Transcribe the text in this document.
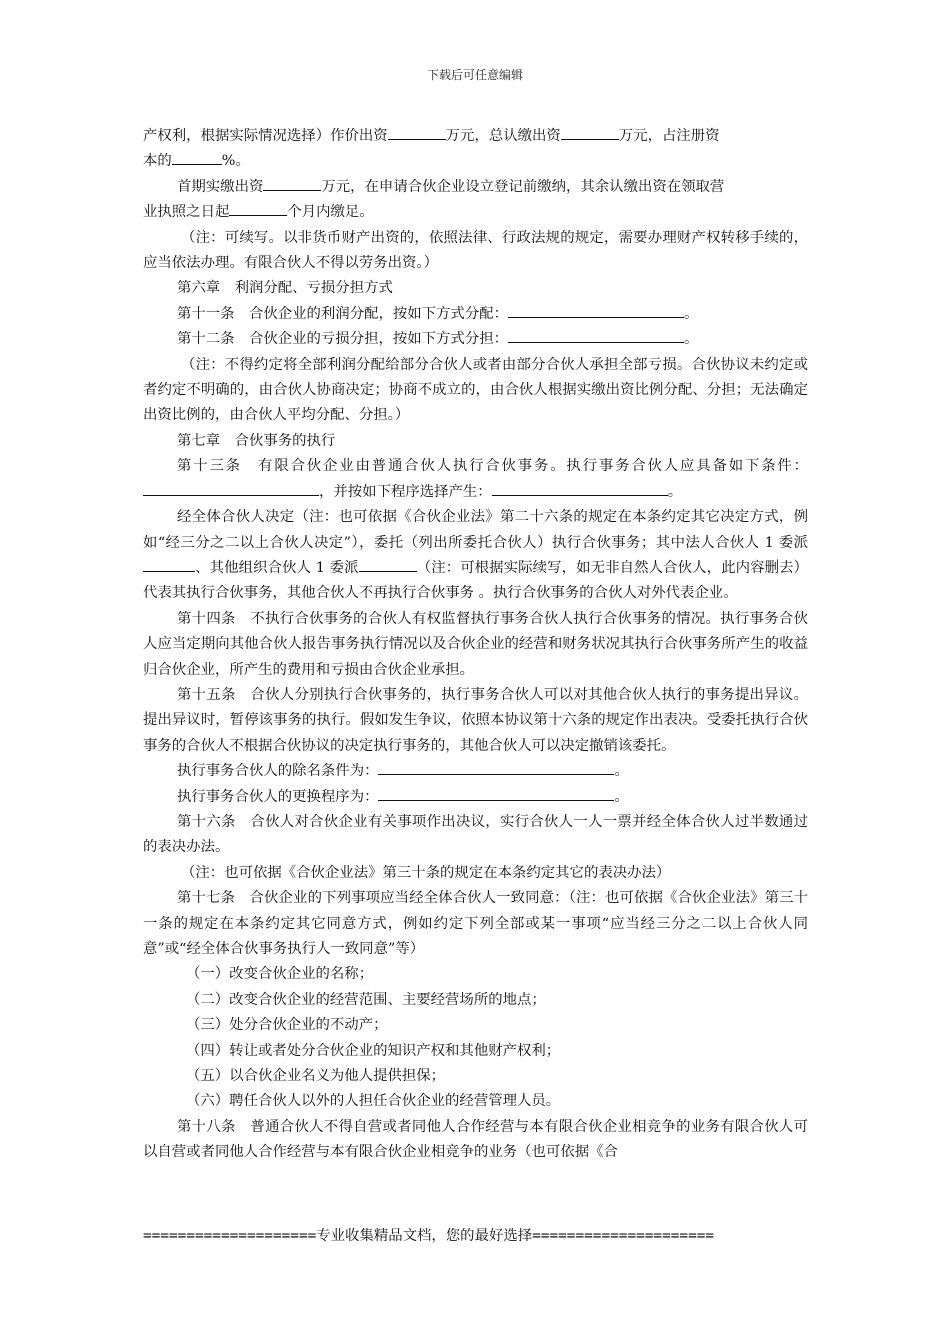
下载后可任意编辑

产权利，根据实际情况选择）作价出资	万元，总认缴出资	万元，占注册资
本的	%。

首期实缴出资	万元，在申请合伙企业设立登记前缴纳，其余认缴出资在领取营
业执照之日起	个月内缴足。

（注：可续写。以非货币财产出资的，依照法律、行政法规的规定，需要办理财产权转移手续的，应当依法办理。有限合伙人不得以劳务出资。）

第六章　利润分配、亏损分担方式

第十一条　合伙企业的利润分配，按如下方式分配：	。

第十二条　合伙企业的亏损分担，按如下方式分担：	。

（注：不得约定将全部利润分配给部分合伙人或者由部分合伙人承担全部亏损。合伙协议未约定或者约定不明确的，由合伙人协商决定；协商不成立的，由合伙人根据实缴出资比例分配、分担；无法确定出资比例的，由合伙人平均分配、分担。）

第七章　合伙事务的执行

第十三条　有限合伙企业由普通合伙人执行合伙事务。执行事务合伙人应具备如下条件：，并按如下程序选择产生：	。

经全体合伙人决定（注：也可依据《合伙企业法》第二十六条的规定在本条约定其它决定方式，例如“经三分之二以上合伙人决定”），委托（列出所委托合伙人）执行合伙事务；其中法人合伙人 1 委派、其他组织合伙人 1 委派	（注：可根据实际续写，如无非自然人合伙人，此内容删去）代表其执行合伙事务，其他合伙人不再执行合伙事务 。执行合伙事务的合伙人对外代表企业。

第十四条　不执行合伙事务的合伙人有权监督执行事务合伙人执行合伙事务的情况。执行事务合伙人应当定期向其他合伙人报告事务执行情况以及合伙企业的经营和财务状况其执行合伙事务所产生的收益归合伙企业，所产生的费用和亏损由合伙企业承担。

第十五条　合伙人分别执行合伙事务的，执行事务合伙人可以对其他合伙人执行的事务提出异议。提出异议时，暂停该事务的执行。假如发生争议，依照本协议第十六条的规定作出表决。受委托执行合伙事务的合伙人不根据合伙协议的决定执行事务的，其他合伙人可以决定撤销该委托。

执行事务合伙人的除名条件为：	。

执行事务合伙人的更换程序为：	。

第十六条　合伙人对合伙企业有关事项作出决议，实行合伙人一人一票并经全体合伙人过半数通过的表决办法。

（注：也可依据《合伙企业法》第三十条的规定在本条约定其它的表决办法）

第十七条　合伙企业的下列事项应当经全体合伙人一致同意：（注：也可依据《合伙企业法》第三十一条的规定在本条约定其它同意方式，例如约定下列全部或某一事项“应当经三分之二以上合伙人同意”或“经全体合伙事务执行人一致同意”等）

（一）改变合伙企业的名称；

（二）改变合伙企业的经营范围、主要经营场所的地点；

（三）处分合伙企业的不动产；

（四）转让或者处分合伙企业的知识产权和其他财产权利；

（五）以合伙企业名义为他人提供担保；

（六）聘任合伙人以外的人担任合伙企业的经营管理人员。

第十八条　普通合伙人不得自营或者同他人合作经营与本有限合伙企业相竞争的业务有限合伙人可以自营或者同他人合作经营与本有限合伙企业相竞争的业务（也可依据《合

====================专业收集精品文档，您的最好选择=====================
